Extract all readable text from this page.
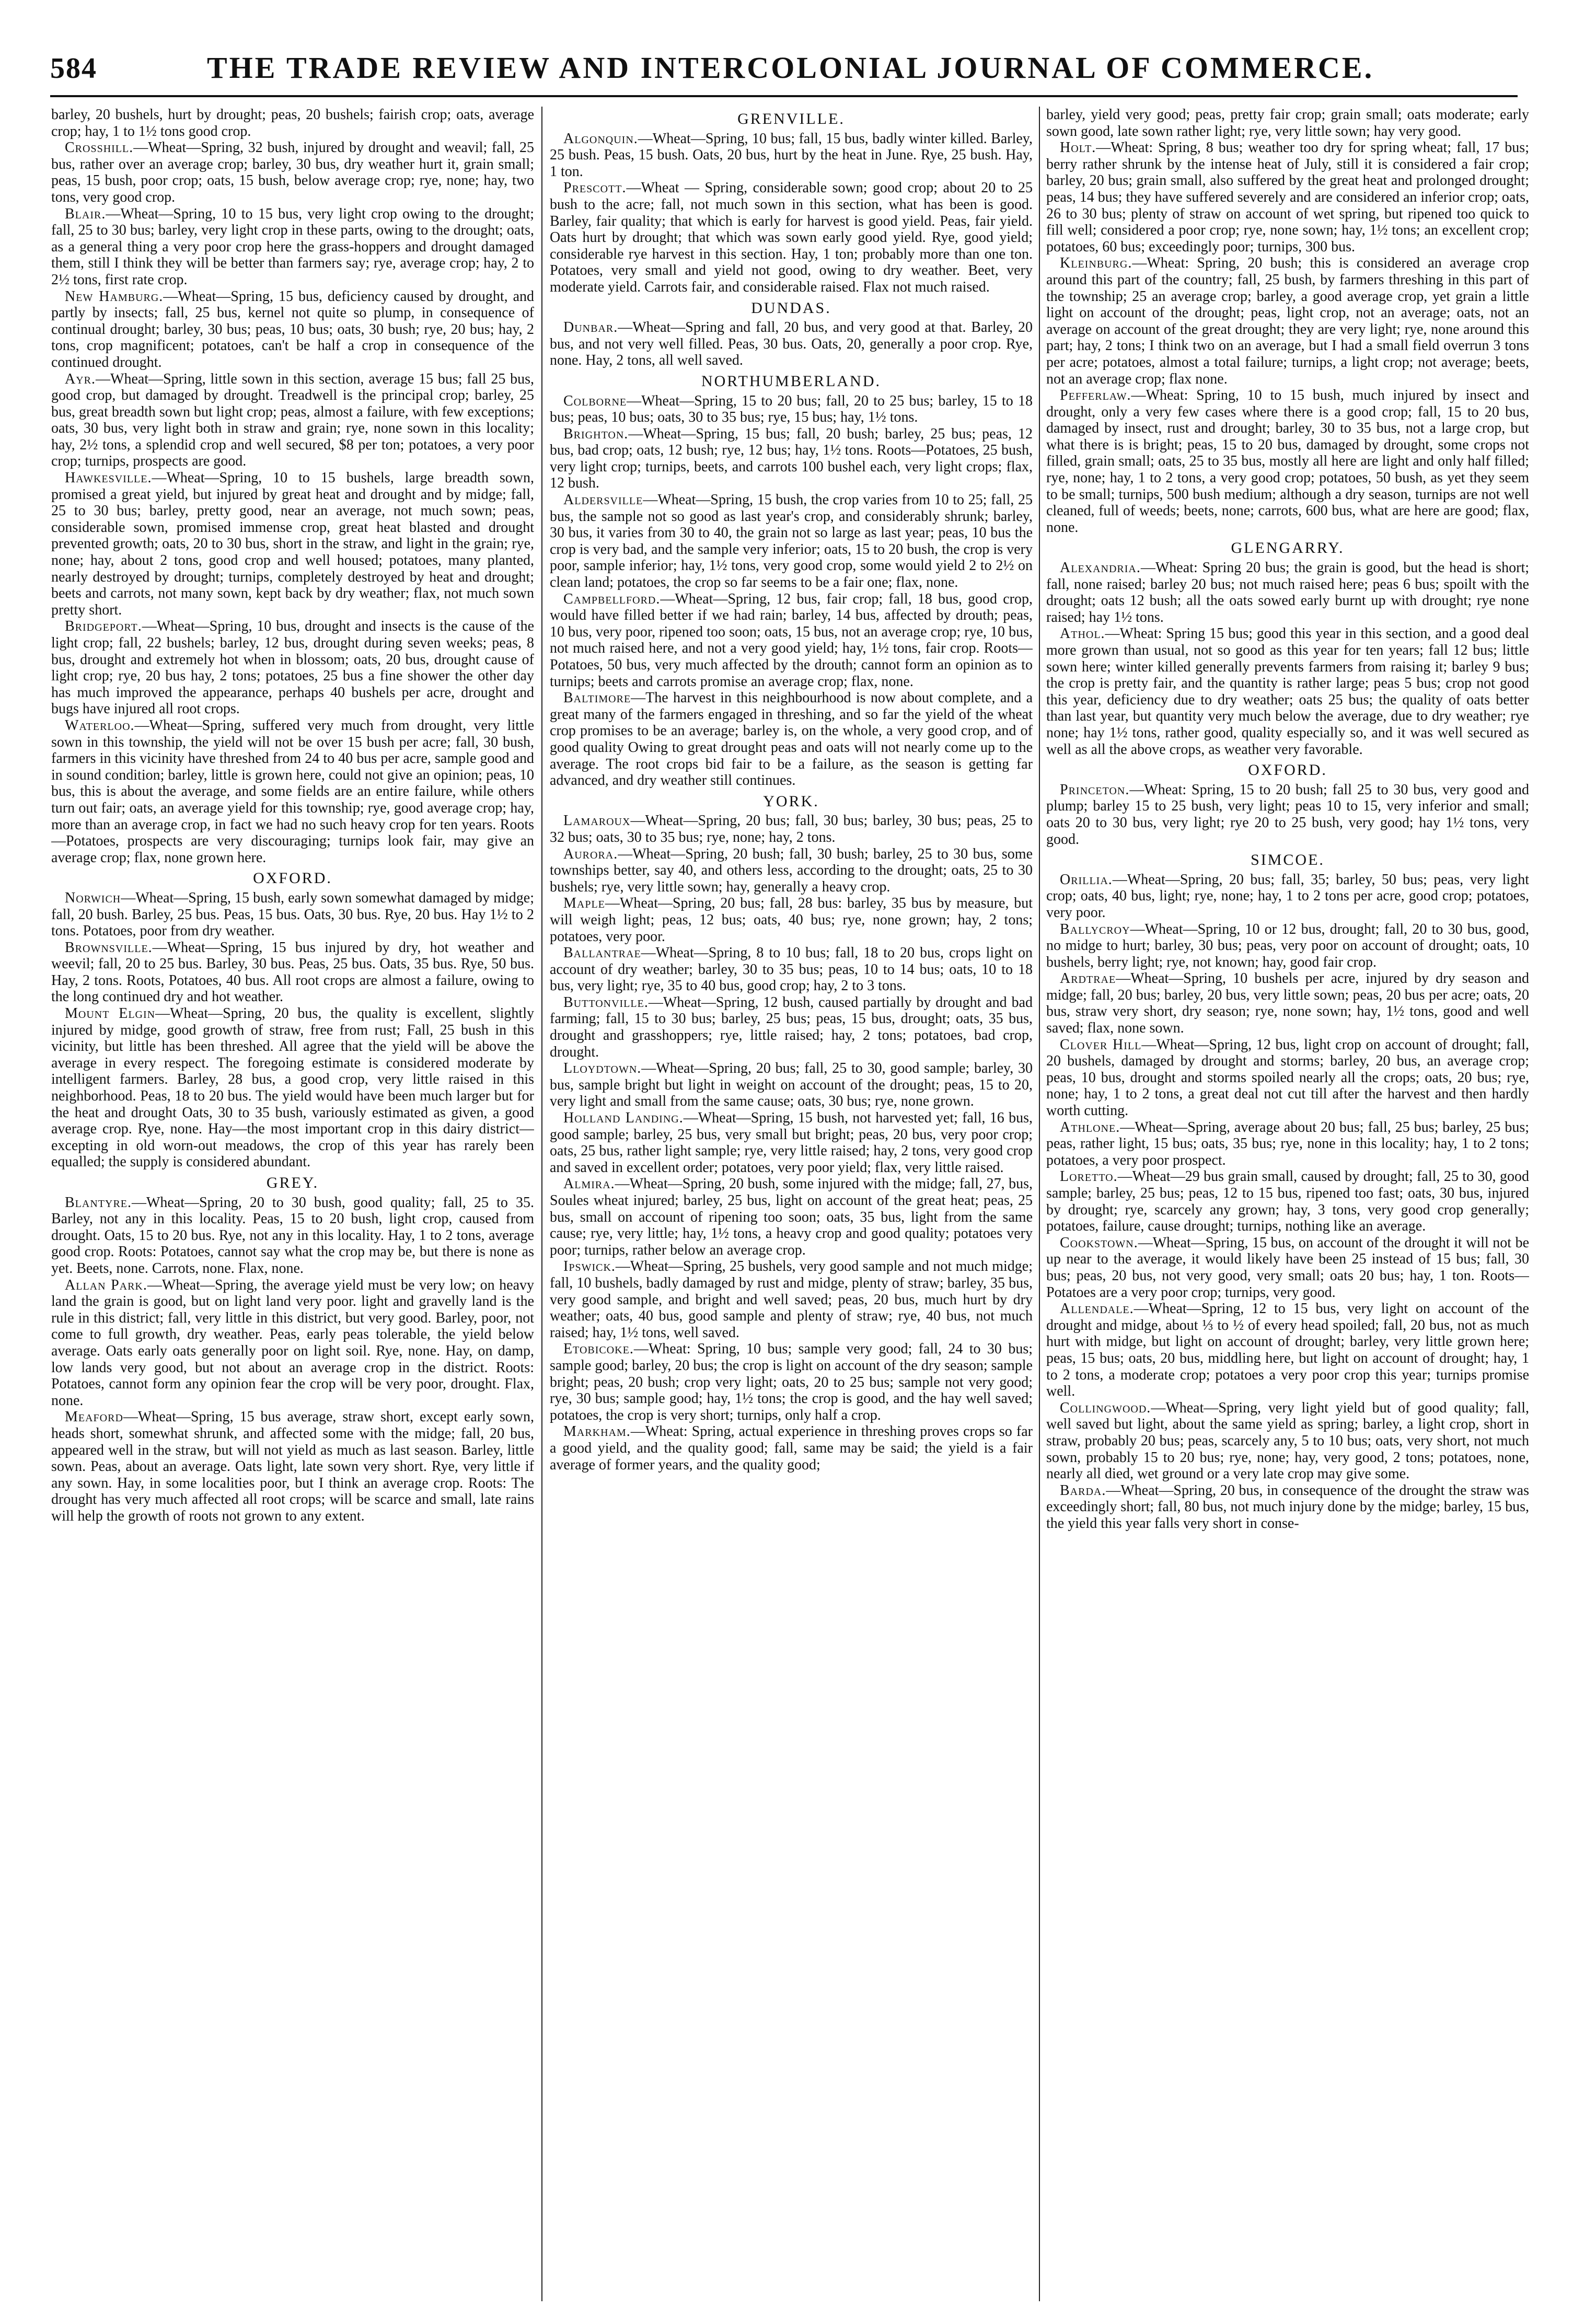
584	THE TRADE REVIEW AND INTERCOLONIAL JOURNAL OF COMMERCE.

barley, 20 bushels, hurt by drought; peas, 20 bushels; fairish crop; oats, average crop; hay, 1 to 1½ tons good crop.

Crosshill.—Wheat—Spring, 32 bush, injured by drought and weavil; fall, 25 bus, rather over an average crop; barley, 30 bus, dry weather hurt it, grain small; peas, 15 bush, poor crop; oats, 15 bush, below average crop; rye, none; hay, two tons, very good crop.

Blair.—Wheat—Spring, 10 to 15 bus, very light crop owing to the drought; fall, 25 to 30 bus; barley, very light crop in these parts, owing to the drought; oats, as a general thing a very poor crop here the grass-hoppers and drought damaged them, still I think they will be better than farmers say; rye, average crop; hay, 2 to 2½ tons, first rate crop.

New Hamburg.—Wheat—Spring, 15 bus, deficiency caused by drought, and partly by insects; fall, 25 bus, kernel not quite so plump, in consequence of continual drought; barley, 30 bus; peas, 10 bus; oats, 30 bush; rye, 20 bus; hay, 2 tons, crop magnificent; potatoes, can't be half a crop in consequence of the continued drought.

Ayr.—Wheat—Spring, little sown in this section, average 15 bus; fall 25 bus, good crop, but damaged by drought. Treadwell is the principal crop; barley, 25 bus, great breadth sown but light crop; peas, almost a failure, with few exceptions; oats, 30 bus, very light both in straw and grain; rye, none sown in this locality; hay, 2½ tons, a splendid crop and well secured, $8 per ton; potatoes, a very poor crop; turnips, prospects are good.

Hawkesville.—Wheat—Spring, 10 to 15 bushels, large breadth sown, promised a great yield, but injured by great heat and drought and by midge; fall, 25 to 30 bus; barley, pretty good, near an average, not much sown; peas, considerable sown, promised immense crop, great heat blasted and drought prevented growth; oats, 20 to 30 bus, short in the straw, and light in the grain; rye, none; hay, about 2 tons, good crop and well housed; potatoes, many planted, nearly destroyed by drought; turnips, completely destroyed by heat and drought; beets and carrots, not many sown, kept back by dry weather; flax, not much sown pretty short.

Bridgeport.—Wheat—Spring, 10 bus, drought and insects is the cause of the light crop; fall, 22 bushels; barley, 12 bus, drought during seven weeks; peas, 8 bus, drought and extremely hot when in blossom; oats, 20 bus, drought cause of light crop; rye, 20 bus hay, 2 tons; potatoes, 25 bus a fine shower the other day has much improved the appearance, perhaps 40 bushels per acre, drought and bugs have injured all root crops.

Waterloo.—Wheat—Spring, suffered very much from drought, very little sown in this township, the yield will not be over 15 bush per acre; fall, 30 bush, farmers in this vicinity have threshed from 24 to 40 bus per acre, sample good and in sound condition; barley, little is grown here, could not give an opinion; peas, 10 bus, this is about the average, and some fields are an entire failure, while others turn out fair; oats, an average yield for this township; rye, good average crop; hay, more than an average crop, in fact we had no such heavy crop for ten years. Roots—Potatoes, prospects are very discouraging; turnips look fair, may give an average crop; flax, none grown here.

OXFORD.

Norwich—Wheat—Spring, 15 bush, early sown somewhat damaged by midge; fall, 20 bush. Barley, 25 bus. Peas, 15 bus. Oats, 30 bus. Rye, 20 bus. Hay 1½ to 2 tons. Potatoes, poor from dry weather.

Brownsville.—Wheat—Spring, 15 bus injured by dry, hot weather and weevil; fall, 20 to 25 bus. Barley, 30 bus. Peas, 25 bus. Oats, 35 bus. Rye, 50 bus. Hay, 2 tons. Roots, Potatoes, 40 bus. All root crops are almost a failure, owing to the long continued dry and hot weather.

Mount Elgin—Wheat—Spring, 20 bus, the quality is excellent, slightly injured by midge, good growth of straw, free from rust; Fall, 25 bush in this vicinity, but little has been threshed. All agree that the yield will be above the average in every respect. The foregoing estimate is considered moderate by intelligent farmers. Barley, 28 bus, a good crop, very little raised in this neighborhood. Peas, 18 to 20 bus. The yield would have been much larger but for the heat and drought Oats, 30 to 35 bush, variously estimated as given, a good average crop. Rye, none. Hay—the most important crop in this dairy district—excepting in old worn-out meadows, the crop of this year has rarely been equalled; the supply is considered abundant.

GREY.

Blantyre.—Wheat—Spring, 20 to 30 bush, good quality; fall, 25 to 35. Barley, not any in this locality. Peas, 15 to 20 bush, light crop, caused from drought. Oats, 15 to 20 bus. Rye, not any in this locality. Hay, 1 to 2 tons, average good crop. Roots: Potatoes, cannot say what the crop may be, but there is none as yet. Beets, none. Carrots, none. Flax, none.

Allan Park.—Wheat—Spring, the average yield must be very low; on heavy land the grain is good, but on light land very poor. light and gravelly land is the rule in this district; fall, very little in this district, but very good. Barley, poor, not come to full growth, dry weather. Peas, early peas tolerable, the yield below average. Oats early oats generally poor on light soil. Rye, none. Hay, on damp, low lands very good, but not about an average crop in the district. Roots: Potatoes, cannot form any opinion fear the crop will be very poor, drought. Flax, none.

Meaford—Wheat—Spring, 15 bus average, straw short, except early sown, heads short, somewhat shrunk, and affected some with the midge; fall, 20 bus, appeared well in the straw, but will not yield as much as last season. Barley, little sown. Peas, about an average. Oats light, late sown very short. Rye, very little if any sown. Hay, in some localities poor, but I think an average crop. Roots: The drought has very much affected all root crops; will be scarce and small, late rains will help the growth of roots not grown to any extent.

GRENVILLE.

Algonquin.—Wheat—Spring, 10 bus; fall, 15 bus, badly winter killed. Barley, 25 bush. Peas, 15 bush. Oats, 20 bus, hurt by the heat in June. Rye, 25 bush. Hay, 1 ton.

Prescott.—Wheat — Spring, considerable sown; good crop; about 20 to 25 bush to the acre; fall, not much sown in this section, what has been is good. Barley, fair quality; that which is early for harvest is good yield. Peas, fair yield. Oats hurt by drought; that which was sown early good yield. Rye, good yield; considerable rye harvest in this section. Hay, 1 ton; probably more than one ton. Potatoes, very small and yield not good, owing to dry weather. Beet, very moderate yield. Carrots fair, and considerable raised. Flax not much raised.

DUNDAS.

Dunbar.—Wheat—Spring and fall, 20 bus, and very good at that. Barley, 20 bus, and not very well filled. Peas, 30 bus. Oats, 20, generally a poor crop. Rye, none. Hay, 2 tons, all well saved.

NORTHUMBERLAND.

Colborne—Wheat—Spring, 15 to 20 bus; fall, 20 to 25 bus; barley, 15 to 18 bus; peas, 10 bus; oats, 30 to 35 bus; rye, 15 bus; hay, 1½ tons.

Brighton.—Wheat—Spring, 15 bus; fall, 20 bush; barley, 25 bus; peas, 12 bus, bad crop; oats, 12 bush; rye, 12 bus; hay, 1½ tons. Roots—Potatoes, 25 bush, very light crop; turnips, beets, and carrots 100 bushel each, very light crops; flax, 12 bush.

Aldersville—Wheat—Spring, 15 bush, the crop varies from 10 to 25; fall, 25 bus, the sample not so good as last year's crop, and considerably shrunk; barley, 30 bus, it varies from 30 to 40, the grain not so large as last year; peas, 10 bus the crop is very bad, and the sample very inferior; oats, 15 to 20 bush, the crop is very poor, sample inferior; hay, 1½ tons, very good crop, some would yield 2 to 2½ on clean land; potatoes, the crop so far seems to be a fair one; flax, none.

Campbellford.—Wheat—Spring, 12 bus, fair crop; fall, 18 bus, good crop, would have filled better if we had rain; barley, 14 bus, affected by drouth; peas, 10 bus, very poor, ripened too soon; oats, 15 bus, not an average crop; rye, 10 bus, not much raised here, and not a very good yield; hay, 1½ tons, fair crop. Roots—Potatoes, 50 bus, very much affected by the drouth; cannot form an opinion as to turnips; beets and carrots promise an average crop; flax, none.

Baltimore—The harvest in this neighbourhood is now about complete, and a great many of the farmers engaged in threshing, and so far the yield of the wheat crop promises to be an average; barley is, on the whole, a very good crop, and of good quality Owing to great drought peas and oats will not nearly come up to the average. The root crops bid fair to be a failure, as the season is getting far advanced, and dry weather still continues.

YORK.

Lamaroux—Wheat—Spring, 20 bus; fall, 30 bus; barley, 30 bus; peas, 25 to 32 bus; oats, 30 to 35 bus; rye, none; hay, 2 tons.

Aurora.—Wheat—Spring, 20 bush; fall, 30 bush; barley, 25 to 30 bus, some townships better, say 40, and others less, according to the drought; oats, 25 to 30 bushels; rye, very little sown; hay, generally a heavy crop.

Maple—Wheat—Spring, 20 bus; fall, 28 bus: barley, 35 bus by measure, but will weigh light; peas, 12 bus; oats, 40 bus; rye, none grown; hay, 2 tons; potatoes, very poor.

Ballantrae—Wheat—Spring, 8 to 10 bus; fall, 18 to 20 bus, crops light on account of dry weather; barley, 30 to 35 bus; peas, 10 to 14 bus; oats, 10 to 18 bus, very light; rye, 35 to 40 bus, good crop; hay, 2 to 3 tons.

Buttonville.—Wheat—Spring, 12 bush, caused partially by drought and bad farming; fall, 15 to 30 bus; barley, 25 bus; peas, 15 bus, drought; oats, 35 bus, drought and grasshoppers; rye, little raised; hay, 2 tons; potatoes, bad crop, drought.

Lloydtown.—Wheat—Spring, 20 bus; fall, 25 to 30, good sample; barley, 30 bus, sample bright but light in weight on account of the drought; peas, 15 to 20, very light and small from the same cause; oats, 30 bus; rye, none grown.

Holland Landing.—Wheat—Spring, 15 bush, not harvested yet; fall, 16 bus, good sample; barley, 25 bus, very small but bright; peas, 20 bus, very poor crop; oats, 25 bus, rather light sample; rye, very little raised; hay, 2 tons, very good crop and saved in excellent order; potatoes, very poor yield; flax, very little raised.

Almira.—Wheat—Spring, 20 bush, some injured with the midge; fall, 27, bus, Soules wheat injured; barley, 25 bus, light on account of the great heat; peas, 25 bus, small on account of ripening too soon; oats, 35 bus, light from the same cause; rye, very little; hay, 1½ tons, a heavy crop and good quality; potatoes very poor; turnips, rather below an average crop.

Ipswick.—Wheat—Spring, 25 bushels, very good sample and not much midge; fall, 10 bushels, badly damaged by rust and midge, plenty of straw; barley, 35 bus, very good sample, and bright and well saved; peas, 20 bus, much hurt by dry weather; oats, 40 bus, good sample and plenty of straw; rye, 40 bus, not much raised; hay, 1½ tons, well saved.

Etobicoke.—Wheat: Spring, 10 bus; sample very good; fall, 24 to 30 bus; sample good; barley, 20 bus; the crop is light on account of the dry season; sample bright; peas, 20 bush; crop very light; oats, 20 to 25 bus; sample not very good; rye, 30 bus; sample good; hay, 1½ tons; the crop is good, and the hay well saved; potatoes, the crop is very short; turnips, only half a crop.

Markham.—Wheat: Spring, actual experience in threshing proves crops so far a good yield, and the quality good; fall, same may be said; the yield is a fair average of former years, and the quality good;

barley, yield very good; peas, pretty fair crop; grain small; oats moderate; early sown good, late sown rather light; rye, very little sown; hay very good.

Holt.—Wheat: Spring, 8 bus; weather too dry for spring wheat; fall, 17 bus; berry rather shrunk by the intense heat of July, still it is considered a fair crop; barley, 20 bus; grain small, also suffered by the great heat and prolonged drought; peas, 14 bus; they have suffered severely and are considered an inferior crop; oats, 26 to 30 bus; plenty of straw on account of wet spring, but ripened too quick to fill well; considered a poor crop; rye, none sown; hay, 1½ tons; an excellent crop; potatoes, 60 bus; exceedingly poor; turnips, 300 bus.

Kleinburg.—Wheat: Spring, 20 bush; this is considered an average crop around this part of the country; fall, 25 bush, by farmers threshing in this part of the township; 25 an average crop; barley, a good average crop, yet grain a little light on account of the drought; peas, light crop, not an average; oats, not an average on account of the great drought; they are very light; rye, none around this part; hay, 2 tons; I think two on an average, but I had a small field overrun 3 tons per acre; potatoes, almost a total failure; turnips, a light crop; not average; beets, not an average crop; flax none.

Pefferlaw.—Wheat: Spring, 10 to 15 bush, much injured by insect and drought, only a very few cases where there is a good crop; fall, 15 to 20 bus, damaged by insect, rust and drought; barley, 30 to 35 bus, not a large crop, but what there is is bright; peas, 15 to 20 bus, damaged by drought, some crops not filled, grain small; oats, 25 to 35 bus, mostly all here are light and only half filled; rye, none; hay, 1 to 2 tons, a very good crop; potatoes, 50 bush, as yet they seem to be small; turnips, 500 bush medium; although a dry season, turnips are not well cleaned, full of weeds; beets, none; carrots, 600 bus, what are here are good; flax, none.

GLENGARRY.

Alexandria.—Wheat: Spring 20 bus; the grain is good, but the head is short; fall, none raised; barley 20 bus; not much raised here; peas 6 bus; spoilt with the drought; oats 12 bush; all the oats sowed early burnt up with drought; rye none raised; hay 1½ tons.

Athol.—Wheat: Spring 15 bus; good this year in this section, and a good deal more grown than usual, not so good as this year for ten years; fall 12 bus; little sown here; winter killed generally prevents farmers from raising it; barley 9 bus; the crop is pretty fair, and the quantity is rather large; peas 5 bus; crop not good this year, deficiency due to dry weather; oats 25 bus; the quality of oats better than last year, but quantity very much below the average, due to dry weather; rye none; hay 1½ tons, rather good, quality especially so, and it was well secured as well as all the above crops, as weather very favorable.

OXFORD.

Princeton.—Wheat: Spring, 15 to 20 bush; fall 25 to 30 bus, very good and plump; barley 15 to 25 bush, very light; peas 10 to 15, very inferior and small; oats 20 to 30 bus, very light; rye 20 to 25 bush, very good; hay 1½ tons, very good.

SIMCOE.

Orillia.—Wheat—Spring, 20 bus; fall, 35; barley, 50 bus; peas, very light crop; oats, 40 bus, light; rye, none; hay, 1 to 2 tons per acre, good crop; potatoes, very poor.

Ballycroy—Wheat—Spring, 10 or 12 bus, drought; fall, 20 to 30 bus, good, no midge to hurt; barley, 30 bus; peas, very poor on account of drought; oats, 10 bushels, berry light; rye, not known; hay, good fair crop.

Ardtrae—Wheat—Spring, 10 bushels per acre, injured by dry season and midge; fall, 20 bus; barley, 20 bus, very little sown; peas, 20 bus per acre; oats, 20 bus, straw very short, dry season; rye, none sown; hay, 1½ tons, good and well saved; flax, none sown.

Clover Hill—Wheat—Spring, 12 bus, light crop on account of drought; fall, 20 bushels, damaged by drought and storms; barley, 20 bus, an average crop; peas, 10 bus, drought and storms spoiled nearly all the crops; oats, 20 bus; rye, none; hay, 1 to 2 tons, a great deal not cut till after the harvest and then hardly worth cutting.

Athlone.—Wheat—Spring, average about 20 bus; fall, 25 bus; barley, 25 bus; peas, rather light, 15 bus; oats, 35 bus; rye, none in this locality; hay, 1 to 2 tons; potatoes, a very poor prospect.

Loretto.—Wheat—29 bus grain small, caused by drought; fall, 25 to 30, good sample; barley, 25 bus; peas, 12 to 15 bus, ripened too fast; oats, 30 bus, injured by drought; rye, scarcely any grown; hay, 3 tons, very good crop generally; potatoes, failure, cause drought; turnips, nothing like an average.

Cookstown.—Wheat—Spring, 15 bus, on account of the drought it will not be up near to the average, it would likely have been 25 instead of 15 bus; fall, 30 bus; peas, 20 bus, not very good, very small; oats 20 bus; hay, 1 ton. Roots—Potatoes are a very poor crop; turnips, very good.

Allendale.—Wheat—Spring, 12 to 15 bus, very light on account of the drought and midge, about ⅓ to ½ of every head spoiled; fall, 20 bus, not as much hurt with midge, but light on account of drought; barley, very little grown here; peas, 15 bus; oats, 20 bus, middling here, but light on account of drought; hay, 1 to 2 tons, a moderate crop; potatoes a very poor crop this year; turnips promise well.

Collingwood.—Wheat—Spring, very light yield but of good quality; fall, well saved but light, about the same yield as spring; barley, a light crop, short in straw, probably 20 bus; peas, scarcely any, 5 to 10 bus; oats, very short, not much sown, probably 15 to 20 bus; rye, none; hay, very good, 2 tons; potatoes, none, nearly all died, wet ground or a very late crop may give some.

Barda.—Wheat—Spring, 20 bus, in consequence of the drought the straw was exceedingly short; fall, 80 bus, not much injury done by the midge; barley, 15 bus, the yield this year falls very short in conse-
